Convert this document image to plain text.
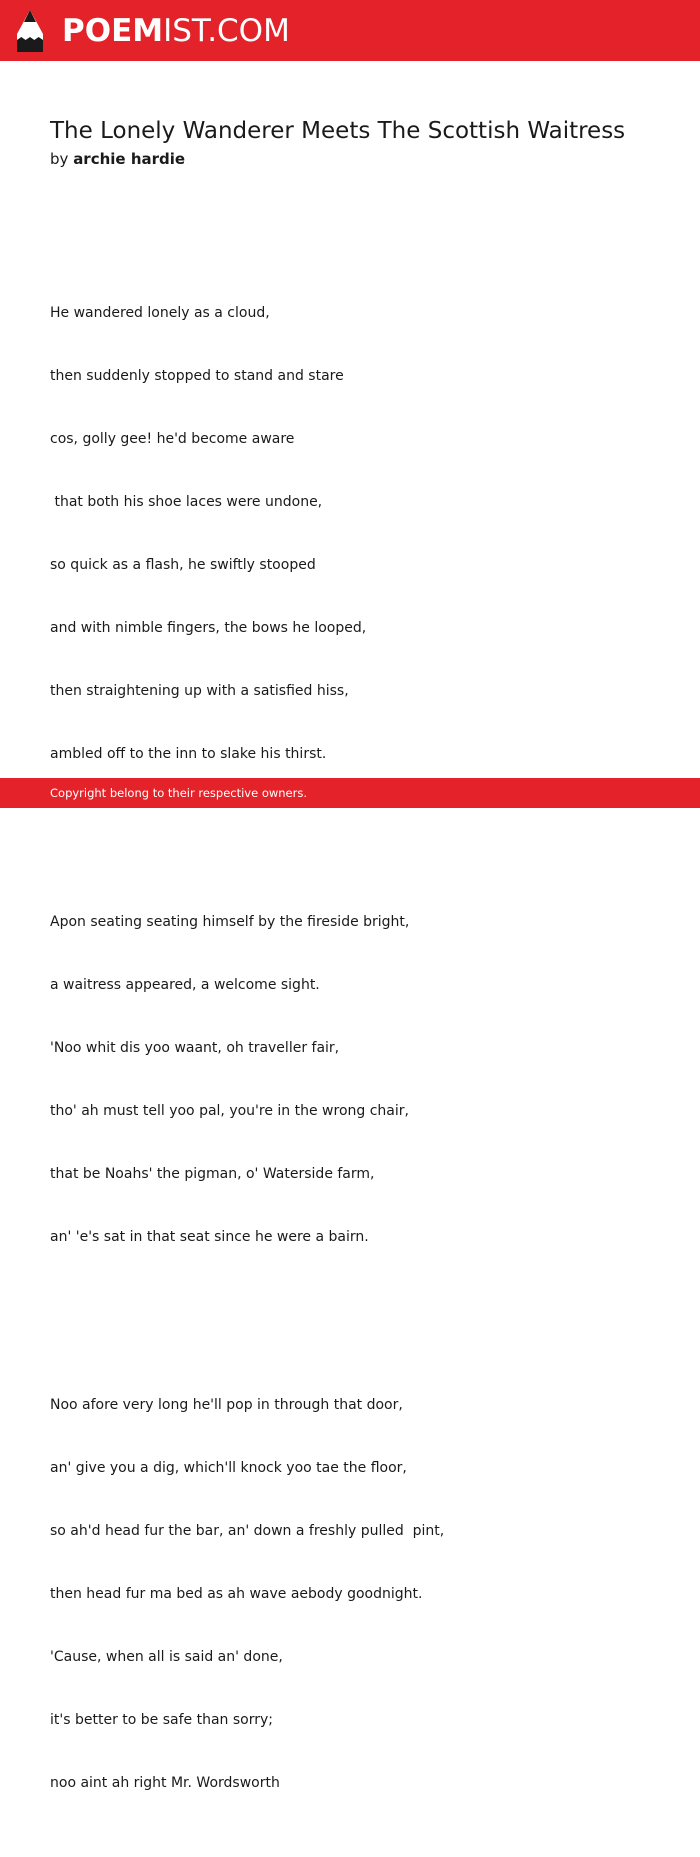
POEMIST.COM
The Lonely Wanderer Meets The Scottish Waitress
by archie hardie

He wandered lonely as a cloud,

then suddenly stopped to stand and stare

cos, golly gee! he'd become aware

that both his shoe laces were undone,

so quick as a flash, he swiftly stooped

and with nimble fingers, the bows he looped,

then straightening up with a satisfied hiss,

ambled off to the inn to slake his thirst.

Apon seating seating himself by the fireside bright,

a waitress appeared, a welcome sight.

'Noo whit dis yoo waant, oh traveller fair,

tho' ah must tell yoo pal, you're in the wrong chair,

that be Noahs' the pigman, o' Waterside farm,

an' 'e's sat in that seat since he were a bairn.

Noo afore very long he'll pop in through that door,

an' give you a dig, which'll knock yoo tae the floor,

so ah'd head fur the bar, an' down a freshly pulled  pint,

then head fur ma bed as ah wave aebody goodnight.

'Cause, when all is said an' done,

it's better to be safe than sorry;

noo aint ah right Mr. Wordsworth

Copyright belong to their respective owners.
